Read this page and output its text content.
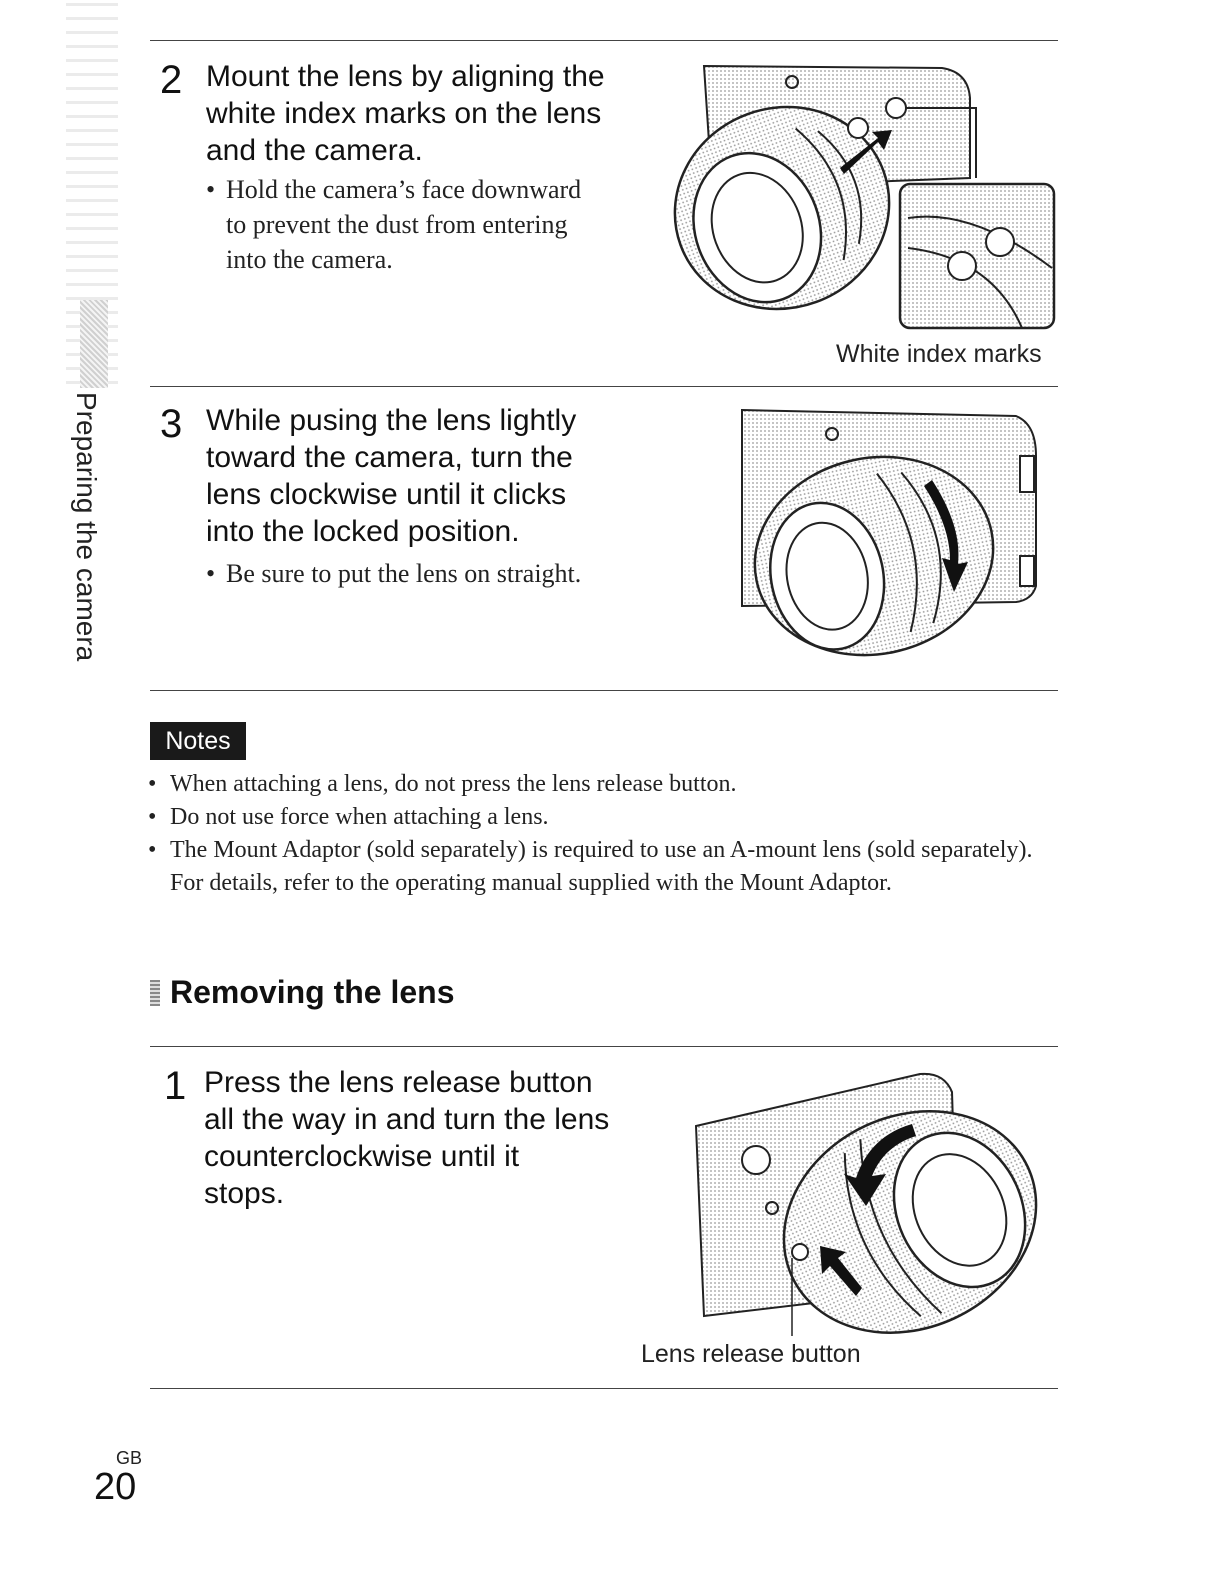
Preparing the camera
2 Mount the lens by aligning the
white index marks on the lens
and the camera.
• Hold the camera’s face downward
to prevent the dust from entering
into the camera.
White index marks
3 While pusing the lens lightly
toward the camera, turn the
lens clockwise until it clicks
into the locked position.
• Be sure to put the lens on straight.
Notes
• When attaching a lens, do not press the lens release button.
• Do not use force when attaching a lens.
• The Mount Adaptor (sold separately) is required to use an A-mount lens (sold separately). For details, refer to the operating manual supplied with the Mount Adaptor.
Removing the lens
1 Press the lens release button
all the way in and turn the lens
counterclockwise until it
stops.
Lens release button
GB
20
